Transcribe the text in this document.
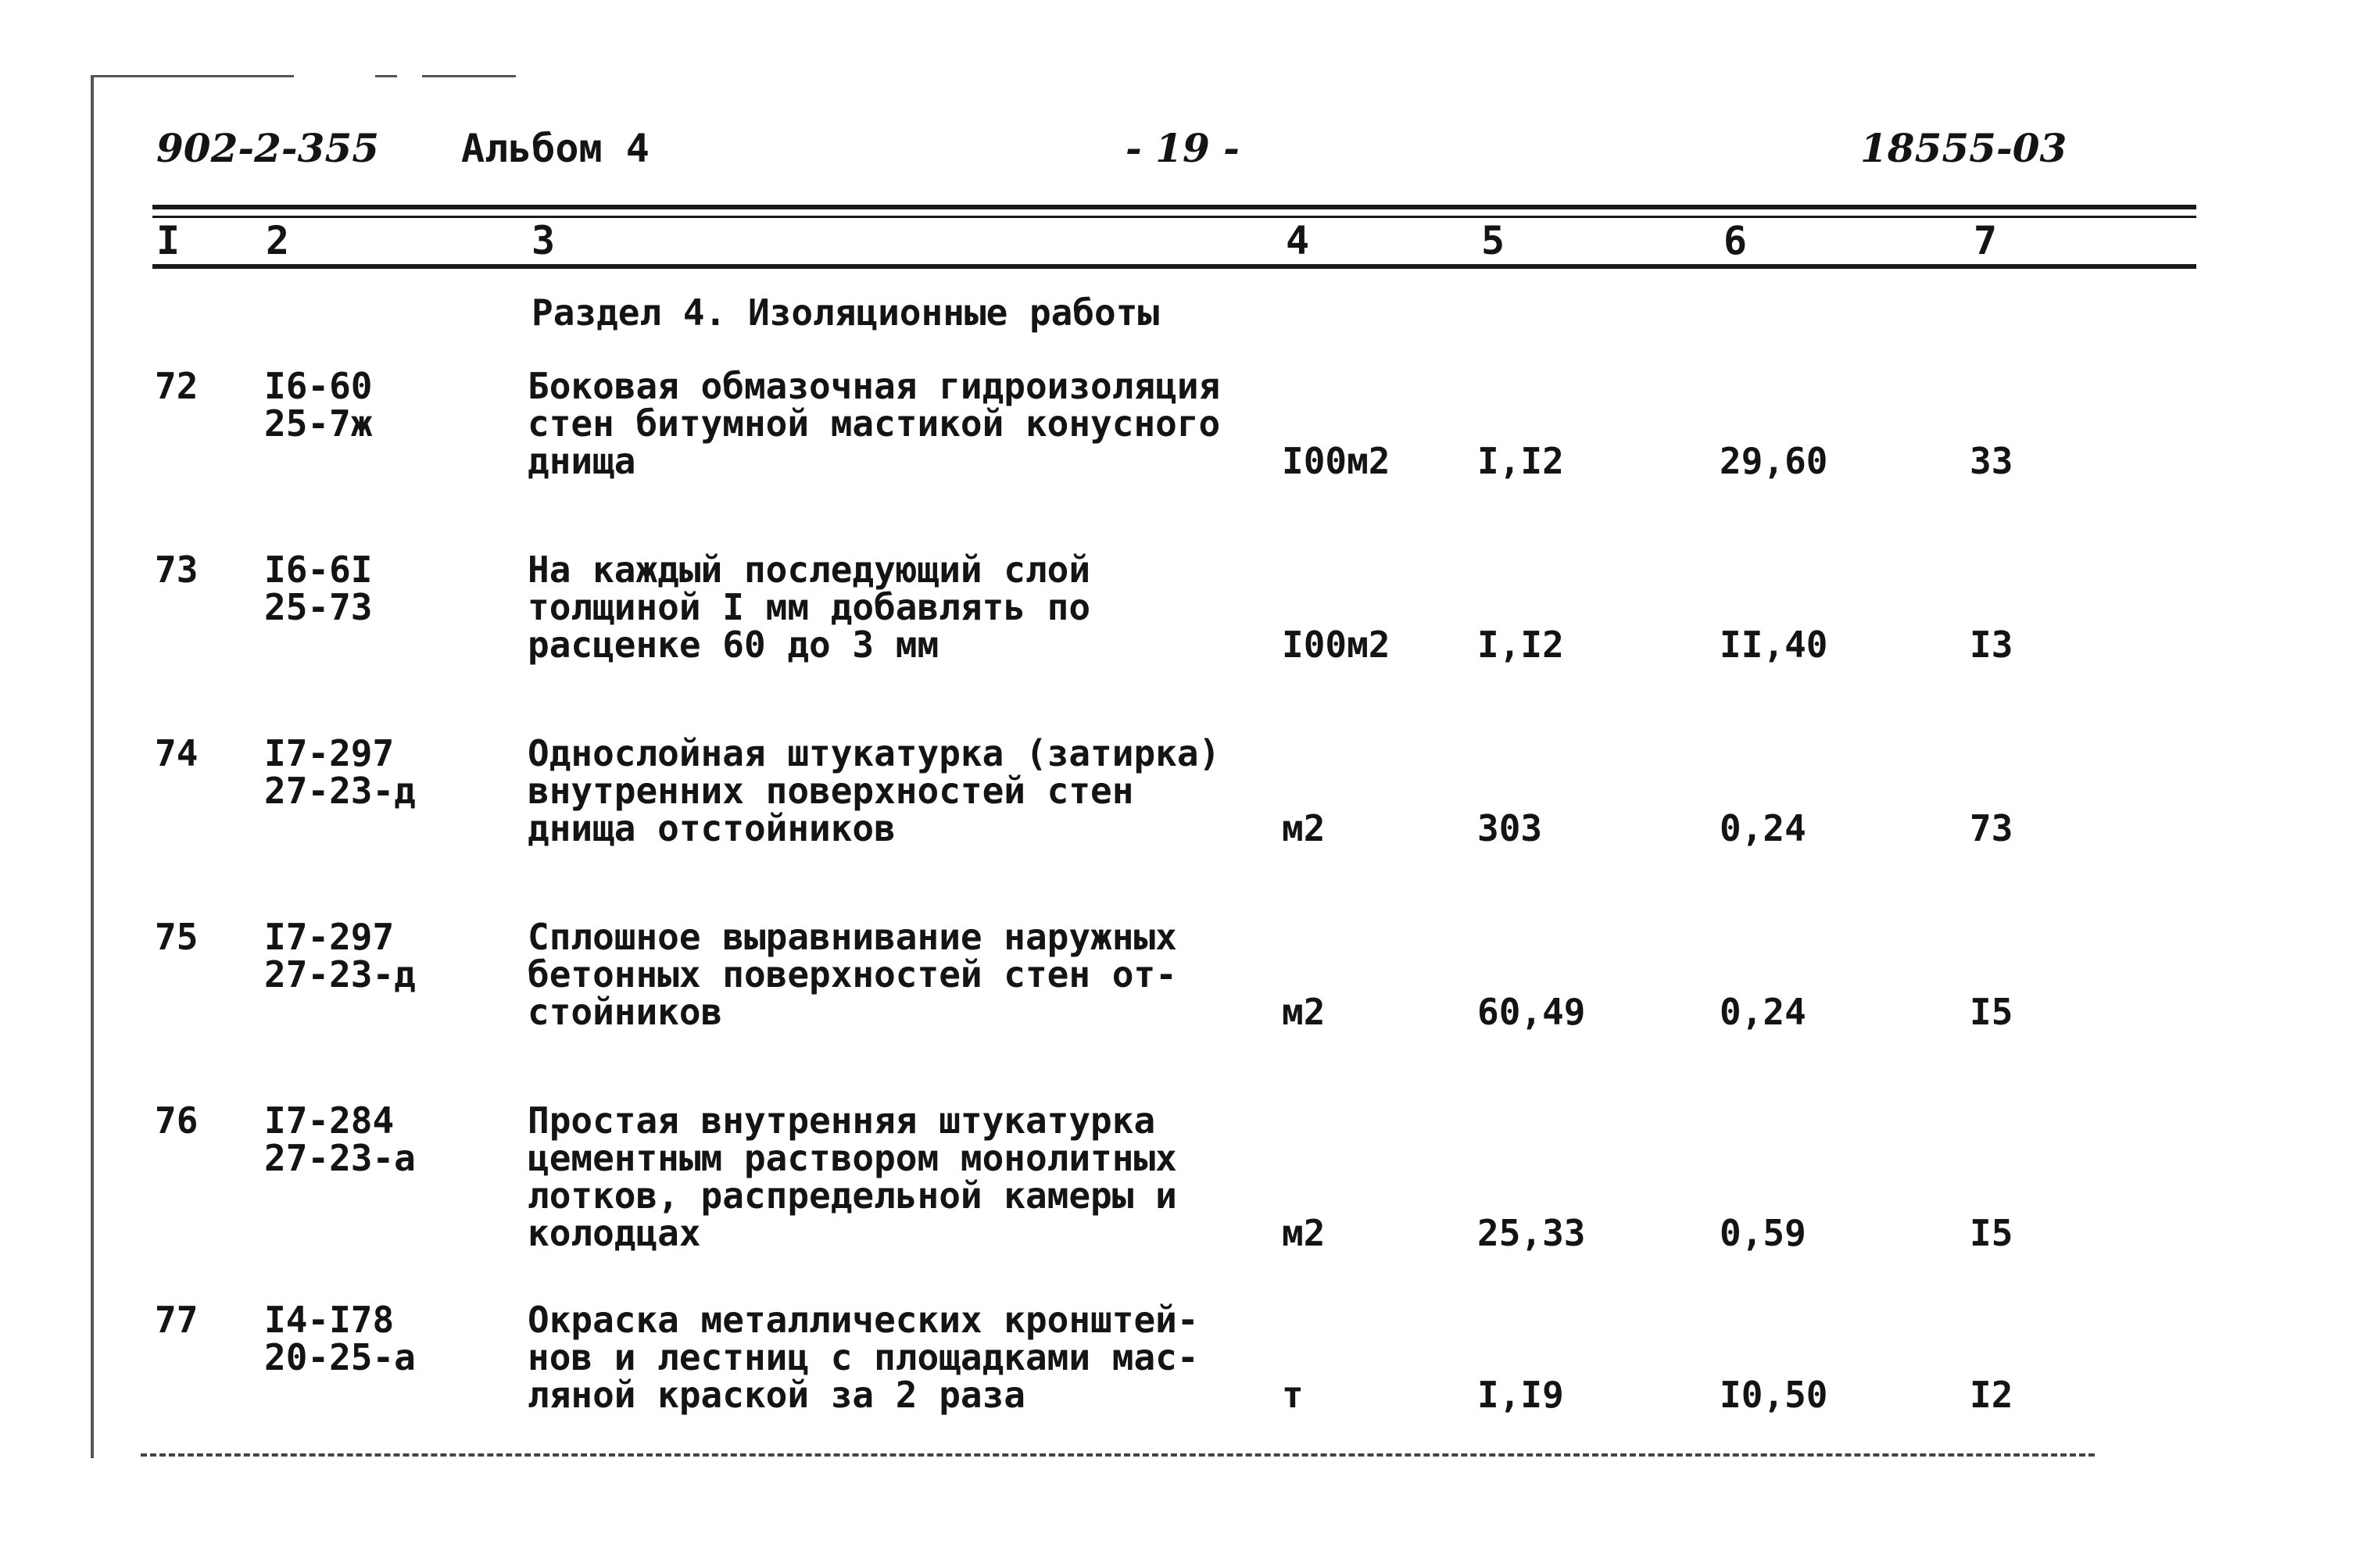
902-2-355 Альбом 4	- 19 -	18555-03
I 2	3	4	5	6	7
Раздел 4. Изоляционные работы
72 I6-60
25-7ж
Боковая обмазочная гидроизоляция
стен битумной мастикой конусного
днища	I00м2 I,I2	29,60	33
73 I6-6I
25-73
На каждый последующий слой
толщиной I мм добавлять по
расценке 60 до 3 мм	I00м2 I,I2	II,40	I3
74 I7-297
27-23-д
Однослойная штукатурка (затирка)
внутренних поверхностей стен
днища отстойников	м2	303	0,24	73
75 I7-297
27-23-д
Сплошное выравнивание наружных
бетонных поверхностей стен от-
стойников	м2	60,49	0,24	I5
76 I7-284
27-23-а
Простая внутренняя штукатурка
цементным раствором монолитных
лотков, распредельной камеры и
колодцах	м2	25,33	0,59	I5
77 I4-I78
20-25-а
Окраска металлических кронштей-
нов и лестниц с площадками мас-
ляной краской за 2 раза	т	I,I9	I0,50	I2
